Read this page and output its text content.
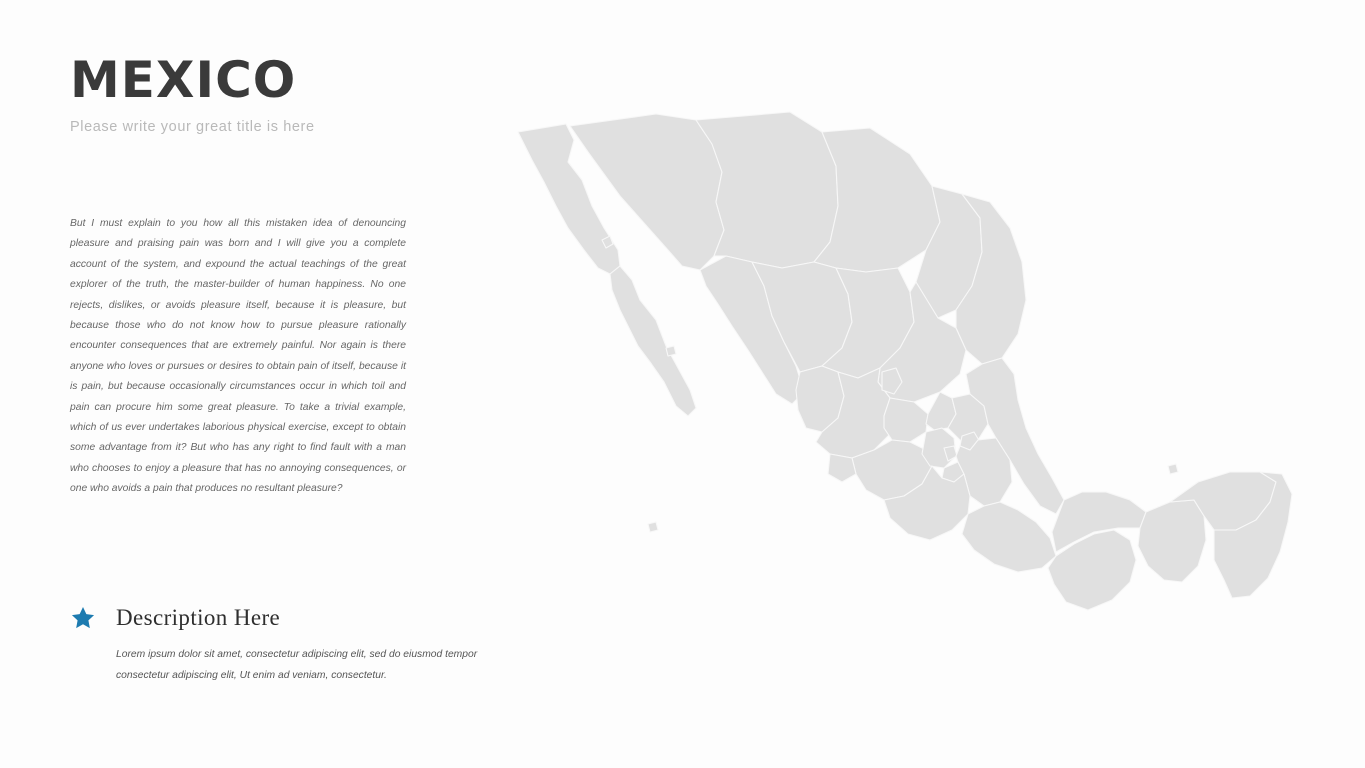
MEXICO
Please write your great title is here
But I must explain to you how all this mistaken idea of denouncing pleasure and praising pain was born and I will give you a complete account of the system, and expound the actual teachings of the great explorer of the truth, the master-builder of human happiness. No one rejects, dislikes, or avoids pleasure itself, because it is pleasure, but because those who do not know how to pursue pleasure rationally encounter consequences that are extremely painful. Nor again is there anyone who loves or pursues or desires to obtain pain of itself, because it is pain, but because occasionally circumstances occur in which toil and pain can procure him some great pleasure. To take a trivial example, which of us ever undertakes laborious physical exercise, except to obtain some advantage from it? But who has any right to find fault with a man who chooses to enjoy a pleasure that has no annoying consequences, or one who avoids a pain that produces no resultant pleasure?
Description Here
Lorem ipsum dolor sit amet, consectetur adipiscing elit, sed do eiusmod tempor consectetur adipiscing elit, Ut enim ad veniam, consectetur.
